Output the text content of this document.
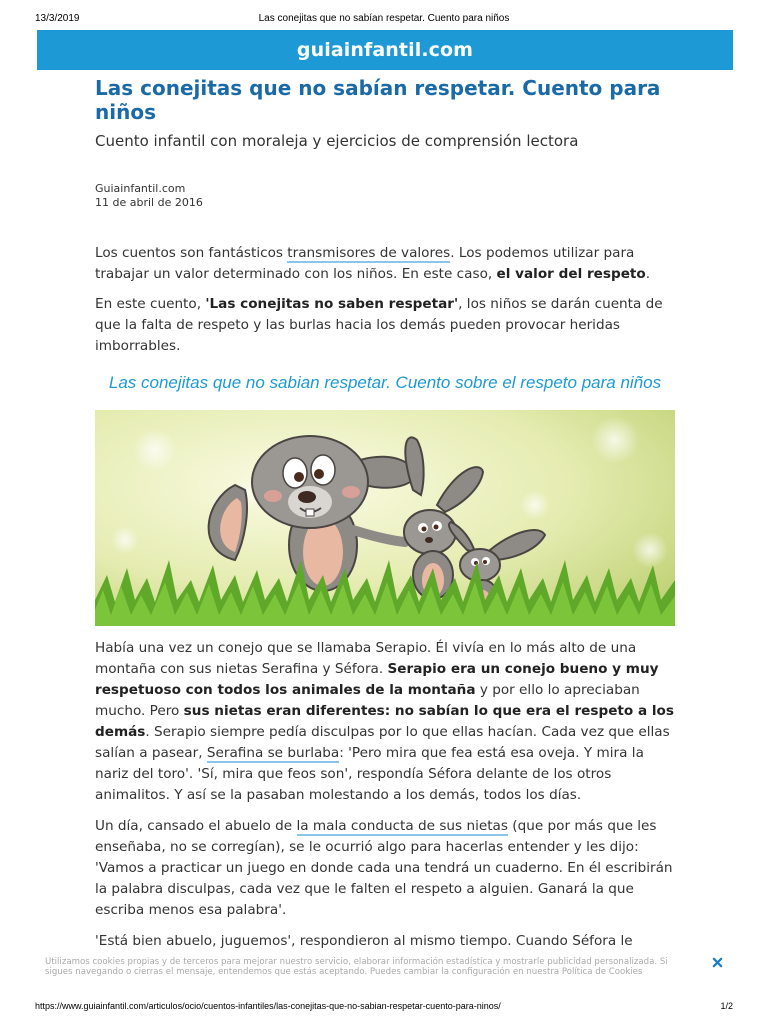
13/3/2019	Las conejitas que no sabían respetar. Cuento para niños
guiainfantil.com
Las conejitas que no sabían respetar. Cuento para niños
Cuento infantil con moraleja y ejercicios de comprensión lectora
Guiainfantil.com
11 de abril de 2016

Los cuentos son fantásticos transmisores de valores. Los podemos utilizar para trabajar un valor determinado con los niños. En este caso, el valor del respeto.

En este cuento, 'Las conejitas no saben respetar', los niños se darán cuenta de que la falta de respeto y las burlas hacia los demás pueden provocar heridas imborrables.

Las conejitas que no sabian respetar. Cuento sobre el respeto para niños

Había una vez un conejo que se llamaba Serapio. Él vivía en lo más alto de una montaña con sus nietas Serafina y Séfora. Serapio era un conejo bueno y muy respetuoso con todos los animales de la montaña y por ello lo apreciaban mucho. Pero sus nietas eran diferentes: no sabían lo que era el respeto a los demás. Serapio siempre pedía disculpas por lo que ellas hacían. Cada vez que ellas salían a pasear, Serafina se burlaba: 'Pero mira que fea está esa oveja. Y mira la nariz del toro'. 'Sí, mira que feos son', respondía Séfora delante de los otros animalitos. Y así se la pasaban molestando a los demás, todos los días.

Un día, cansado el abuelo de la mala conducta de sus nietas (que por más que les enseñaba, no se corregían), se le ocurrió algo para hacerlas entender y les dijo: 'Vamos a practicar un juego en donde cada una tendrá un cuaderno. En él escribirán la palabra disculpas, cada vez que le falten el respeto a alguien. Ganará la que escriba menos esa palabra'.

'Está bien abuelo, juguemos', respondieron al mismo tiempo. Cuando Séfora le

Utilizamos cookies propias y de terceros para mejorar nuestro servicio, elaborar información estadística y mostrarle publicidad personalizada. Si sigues navegando o cierras el mensaje, entendemos que estás aceptando. Puedes cambiar la configuración en nuestra Política de Cookies
https://www.guiainfantil.com/articulos/ocio/cuentos-infantiles/las-conejitas-que-no-sabian-respetar-cuento-para-ninos/	1/2
